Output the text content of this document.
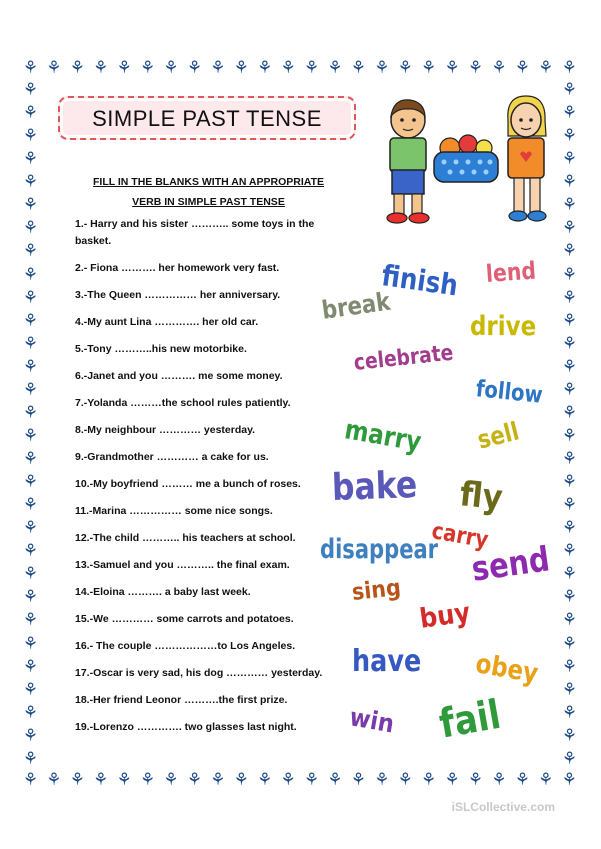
⚘ ⚘ ⚘ ⚘ ⚘ ⚘ ⚘ ⚘ ⚘ ⚘ ⚘ ⚘ ⚘ ⚘ ⚘ ⚘ ⚘ ⚘ ⚘ ⚘ ⚘ ⚘ ⚘ ⚘
⚘ ⚘ ⚘ ⚘ ⚘ ⚘ ⚘ ⚘ ⚘ ⚘ ⚘ ⚘ ⚘ ⚘ ⚘ ⚘ ⚘ ⚘ ⚘ ⚘ ⚘ ⚘ ⚘ ⚘
⚘
⚘
⚘
⚘
⚘
⚘
⚘
⚘
⚘
⚘
⚘
⚘
⚘
⚘
⚘
⚘
⚘
⚘
⚘
⚘
⚘
⚘
⚘
⚘
⚘
⚘
⚘
⚘
⚘
⚘
⚘
⚘
⚘
⚘
⚘
⚘
⚘
⚘
⚘
⚘
⚘
⚘
⚘
⚘
⚘
⚘
⚘
⚘
⚘
⚘
⚘
⚘
⚘
⚘
⚘
⚘
⚘
⚘
⚘
⚘
SIMPLE PAST TENSE
FILL IN THE BLANKS WITH AN APPROPRIATE
VERB IN SIMPLE PAST TENSE
1.- Harry and his sister ……….. some toys in the basket.
2.- Fiona ………. her homework very fast.
3.-The Queen …………… her anniversary.
4.-My aunt Lina …………. her old car.
5.-Tony ………..his new motorbike.
6.-Janet and you ………. me some money.
7.-Yolanda ………the school rules patiently.
8.-My neighbour ………… yesterday.
9.-Grandmother ………… a cake for us.
10.-My boyfriend ……… me a bunch of roses.
11.-Marina …………… some nice songs.
12.-The child ……….. his teachers at school.
13.-Samuel and you ……….. the final exam.
14.-Eloina ………. a baby last week.
15.-We ………… some carrots and potatoes.
16.- The couple ………………to Los Angeles.
17.-Oscar is very sad, his dog ………… yesterday.
18.-Her friend Leonor ……….the first prize.
19.-Lorenzo …………. two glasses last night.
finish lend
break
drive
celebrate
follow
marry sell
bake fly
carry
disappear send
sing
buy
have obey
win fail
iSLCollective.com
